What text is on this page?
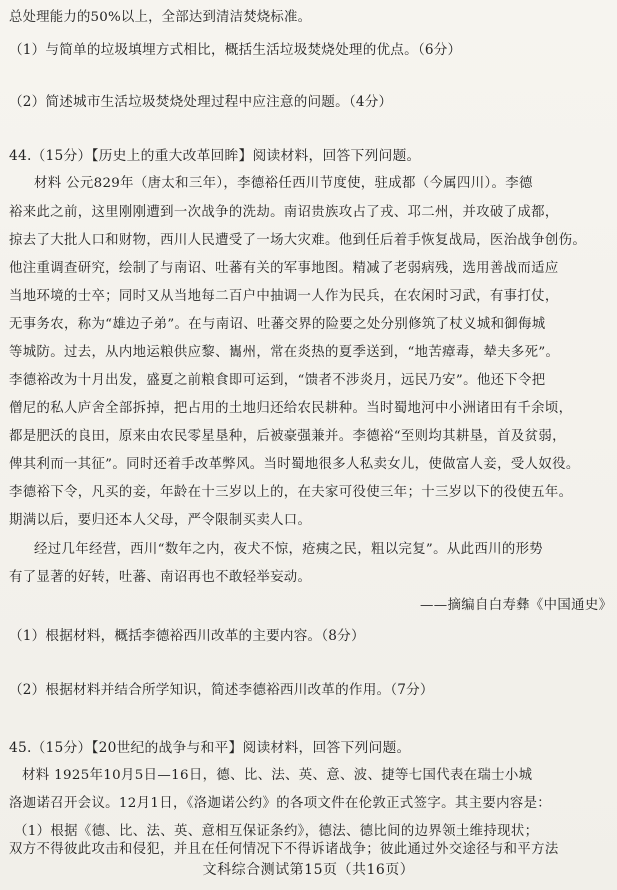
总处理能力的50%以上，全部达到清洁焚烧标准。
（1）与简单的垃圾填埋方式相比，概括生活垃圾焚烧处理的优点。（6分）
（2）简述城市生活垃圾焚烧处理过程中应注意的问题。（4分）
44.（15分）【历史上的重大改革回眸】阅读材料，回答下列问题。
材料 公元829年（唐太和三年），李德裕任西川节度使，驻成都（今属四川）。李德
裕来此之前，这里刚刚遭到一次战争的洗劫。南诏贵族攻占了戎、邛二州，并攻破了成都，
掠去了大批人口和财物，西川人民遭受了一场大灾难。他到任后着手恢复战局，医治战争创伤。
他注重调查研究，绘制了与南诏、吐蕃有关的军事地图。精减了老弱病残，选用善战而适应
当地环境的士卒；同时又从当地每二百户中抽调一人作为民兵，在农闲时习武，有事打仗，
无事务农，称为“雄边子弟”。在与南诏、吐蕃交界的险要之处分别修筑了杖义城和御侮城
等城防。过去，从内地运粮供应黎、巂州，常在炎热的夏季送到，“地苦瘴毒，辇夫多死”。
李德裕改为十月出发，盛夏之前粮食即可运到，“馈者不涉炎月，远民乃安”。他还下令把
僧尼的私人庐舍全部拆掉，把占用的土地归还给农民耕种。当时蜀地河中小洲诸田有千余顷，
都是肥沃的良田，原来由农民零星垦种，后被豪强兼并。李德裕“至则均其耕垦，首及贫弱，
俾其利而一其征”。同时还着手改革弊风。当时蜀地很多人私卖女儿，使做富人妾，受人奴役。
李德裕下令，凡买的妾，年龄在十三岁以上的，在夫家可役使三年；十三岁以下的役使五年。
期满以后，要归还本人父母，严令限制买卖人口。
经过几年经营，西川“数年之内，夜犬不惊，疮痍之民，粗以完复”。从此西川的形势
有了显著的好转，吐蕃、南诏再也不敢轻举妄动。
——摘编自白寿彝《中国通史》
（1）根据材料，概括李德裕西川改革的主要内容。（8分）
（2）根据材料并结合所学知识，简述李德裕西川改革的作用。（7分）
45.（15分）【20世纪的战争与和平】阅读材料，回答下列问题。
材料 1925年10月5日—16日，德、比、法、英、意、波、捷等七国代表在瑞士小城
洛迦诺召开会议。12月1日，《洛迦诺公约》的各项文件在伦敦正式签字。其主要内容是：
（1）根据《德、比、法、英、意相互保证条约》，德法、德比间的边界领土维持现状；
双方不得彼此攻击和侵犯，并且在任何情况下不得诉诸战争；彼此通过外交途径与和平方法
文科综合测试第15页（共16页）
